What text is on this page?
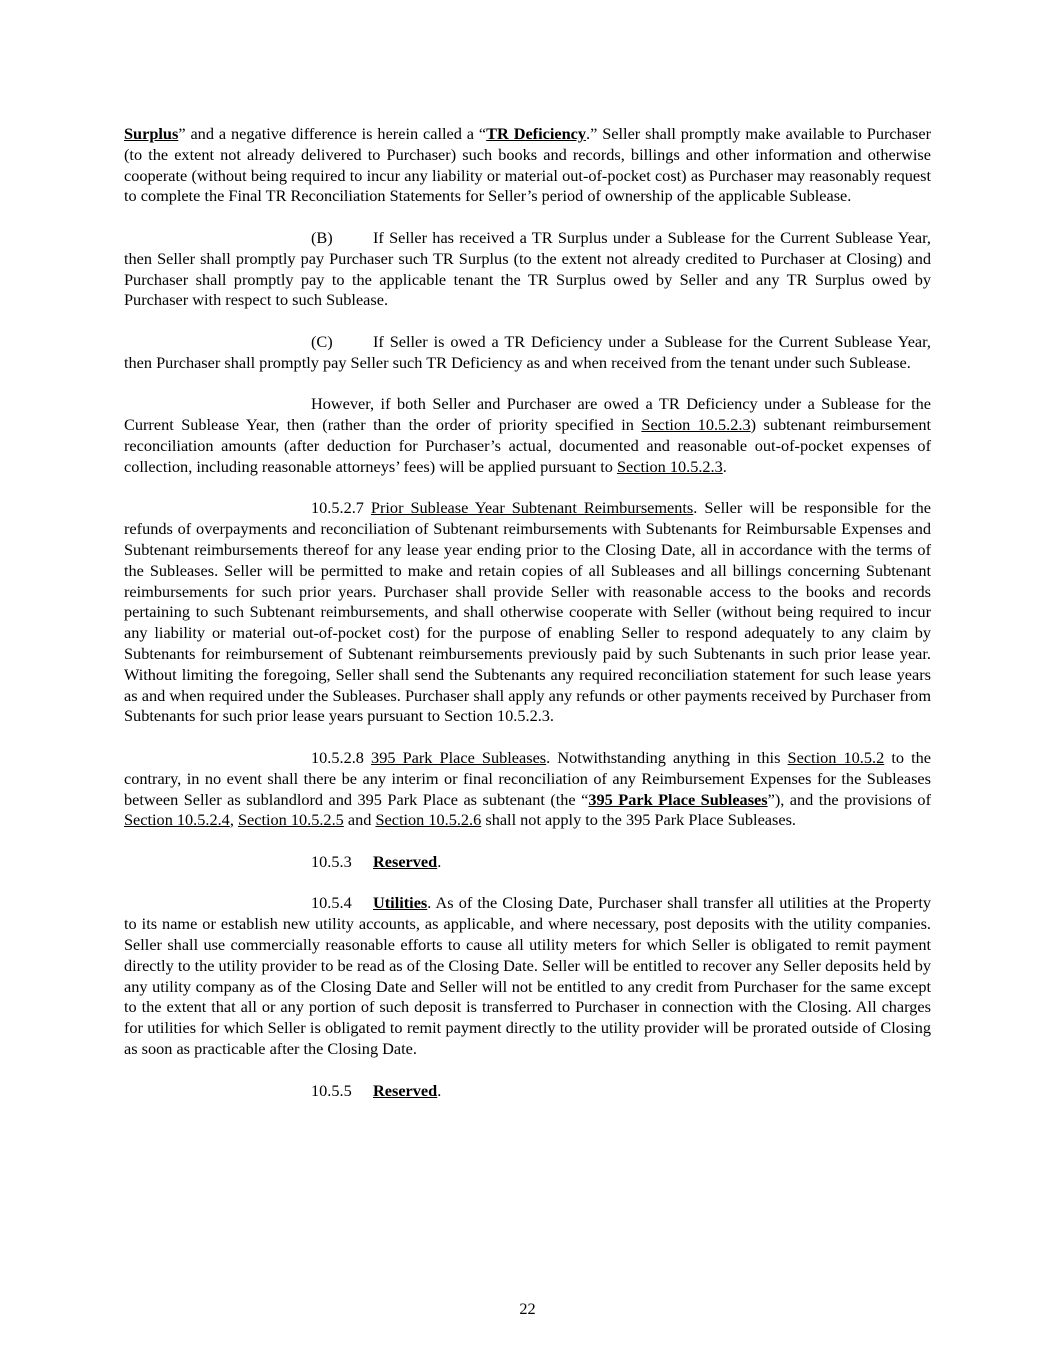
Surplus” and a negative difference is herein called a “TR Deficiency.” Seller shall promptly make available to Purchaser (to the extent not already delivered to Purchaser) such books and records, billings and other information and otherwise cooperate (without being required to incur any liability or material out-of-pocket cost) as Purchaser may reasonably request to complete the Final TR Reconciliation Statements for Seller’s period of ownership of the applicable Sublease.

(B) If Seller has received a TR Surplus under a Sublease for the Current Sublease Year, then Seller shall promptly pay Purchaser such TR Surplus (to the extent not already credited to Purchaser at Closing) and Purchaser shall promptly pay to the applicable tenant the TR Surplus owed by Seller and any TR Surplus owed by Purchaser with respect to such Sublease.

(C) If Seller is owed a TR Deficiency under a Sublease for the Current Sublease Year, then Purchaser shall promptly pay Seller such TR Deficiency as and when received from the tenant under such Sublease.

However, if both Seller and Purchaser are owed a TR Deficiency under a Sublease for the Current Sublease Year, then (rather than the order of priority specified in Section 10.5.2.3) subtenant reimbursement reconciliation amounts (after deduction for Purchaser’s actual, documented and reasonable out-of-pocket expenses of collection, including reasonable attorneys’ fees) will be applied pursuant to Section 10.5.2.3.

10.5.2.7 Prior Sublease Year Subtenant Reimbursements. Seller will be responsible for the refunds of overpayments and reconciliation of Subtenant reimbursements with Subtenants for Reimbursable Expenses and Subtenant reimbursements thereof for any lease year ending prior to the Closing Date, all in accordance with the terms of the Subleases. Seller will be permitted to make and retain copies of all Subleases and all billings concerning Subtenant reimbursements for such prior years. Purchaser shall provide Seller with reasonable access to the books and records pertaining to such Subtenant reimbursements, and shall otherwise cooperate with Seller (without being required to incur any liability or material out-of-pocket cost) for the purpose of enabling Seller to respond adequately to any claim by Subtenants for reimbursement of Subtenant reimbursements previously paid by such Subtenants in such prior lease year. Without limiting the foregoing, Seller shall send the Subtenants any required reconciliation statement for such lease years as and when required under the Subleases. Purchaser shall apply any refunds or other payments received by Purchaser from Subtenants for such prior lease years pursuant to Section 10.5.2.3.

10.5.2.8 395 Park Place Subleases. Notwithstanding anything in this Section 10.5.2 to the contrary, in no event shall there be any interim or final reconciliation of any Reimbursement Expenses for the Subleases between Seller as sublandlord and 395 Park Place as subtenant (the “395 Park Place Subleases”), and the provisions of Section 10.5.2.4, Section 10.5.2.5 and Section 10.5.2.6 shall not apply to the 395 Park Place Subleases.

10.5.3 Reserved.

10.5.4 Utilities. As of the Closing Date, Purchaser shall transfer all utilities at the Property to its name or establish new utility accounts, as applicable, and where necessary, post deposits with the utility companies. Seller shall use commercially reasonable efforts to cause all utility meters for which Seller is obligated to remit payment directly to the utility provider to be read as of the Closing Date. Seller will be entitled to recover any Seller deposits held by any utility company as of the Closing Date and Seller will not be entitled to any credit from Purchaser for the same except to the extent that all or any portion of such deposit is transferred to Purchaser in connection with the Closing. All charges for utilities for which Seller is obligated to remit payment directly to the utility provider will be prorated outside of Closing as soon as practicable after the Closing Date.

10.5.5 Reserved.

22
